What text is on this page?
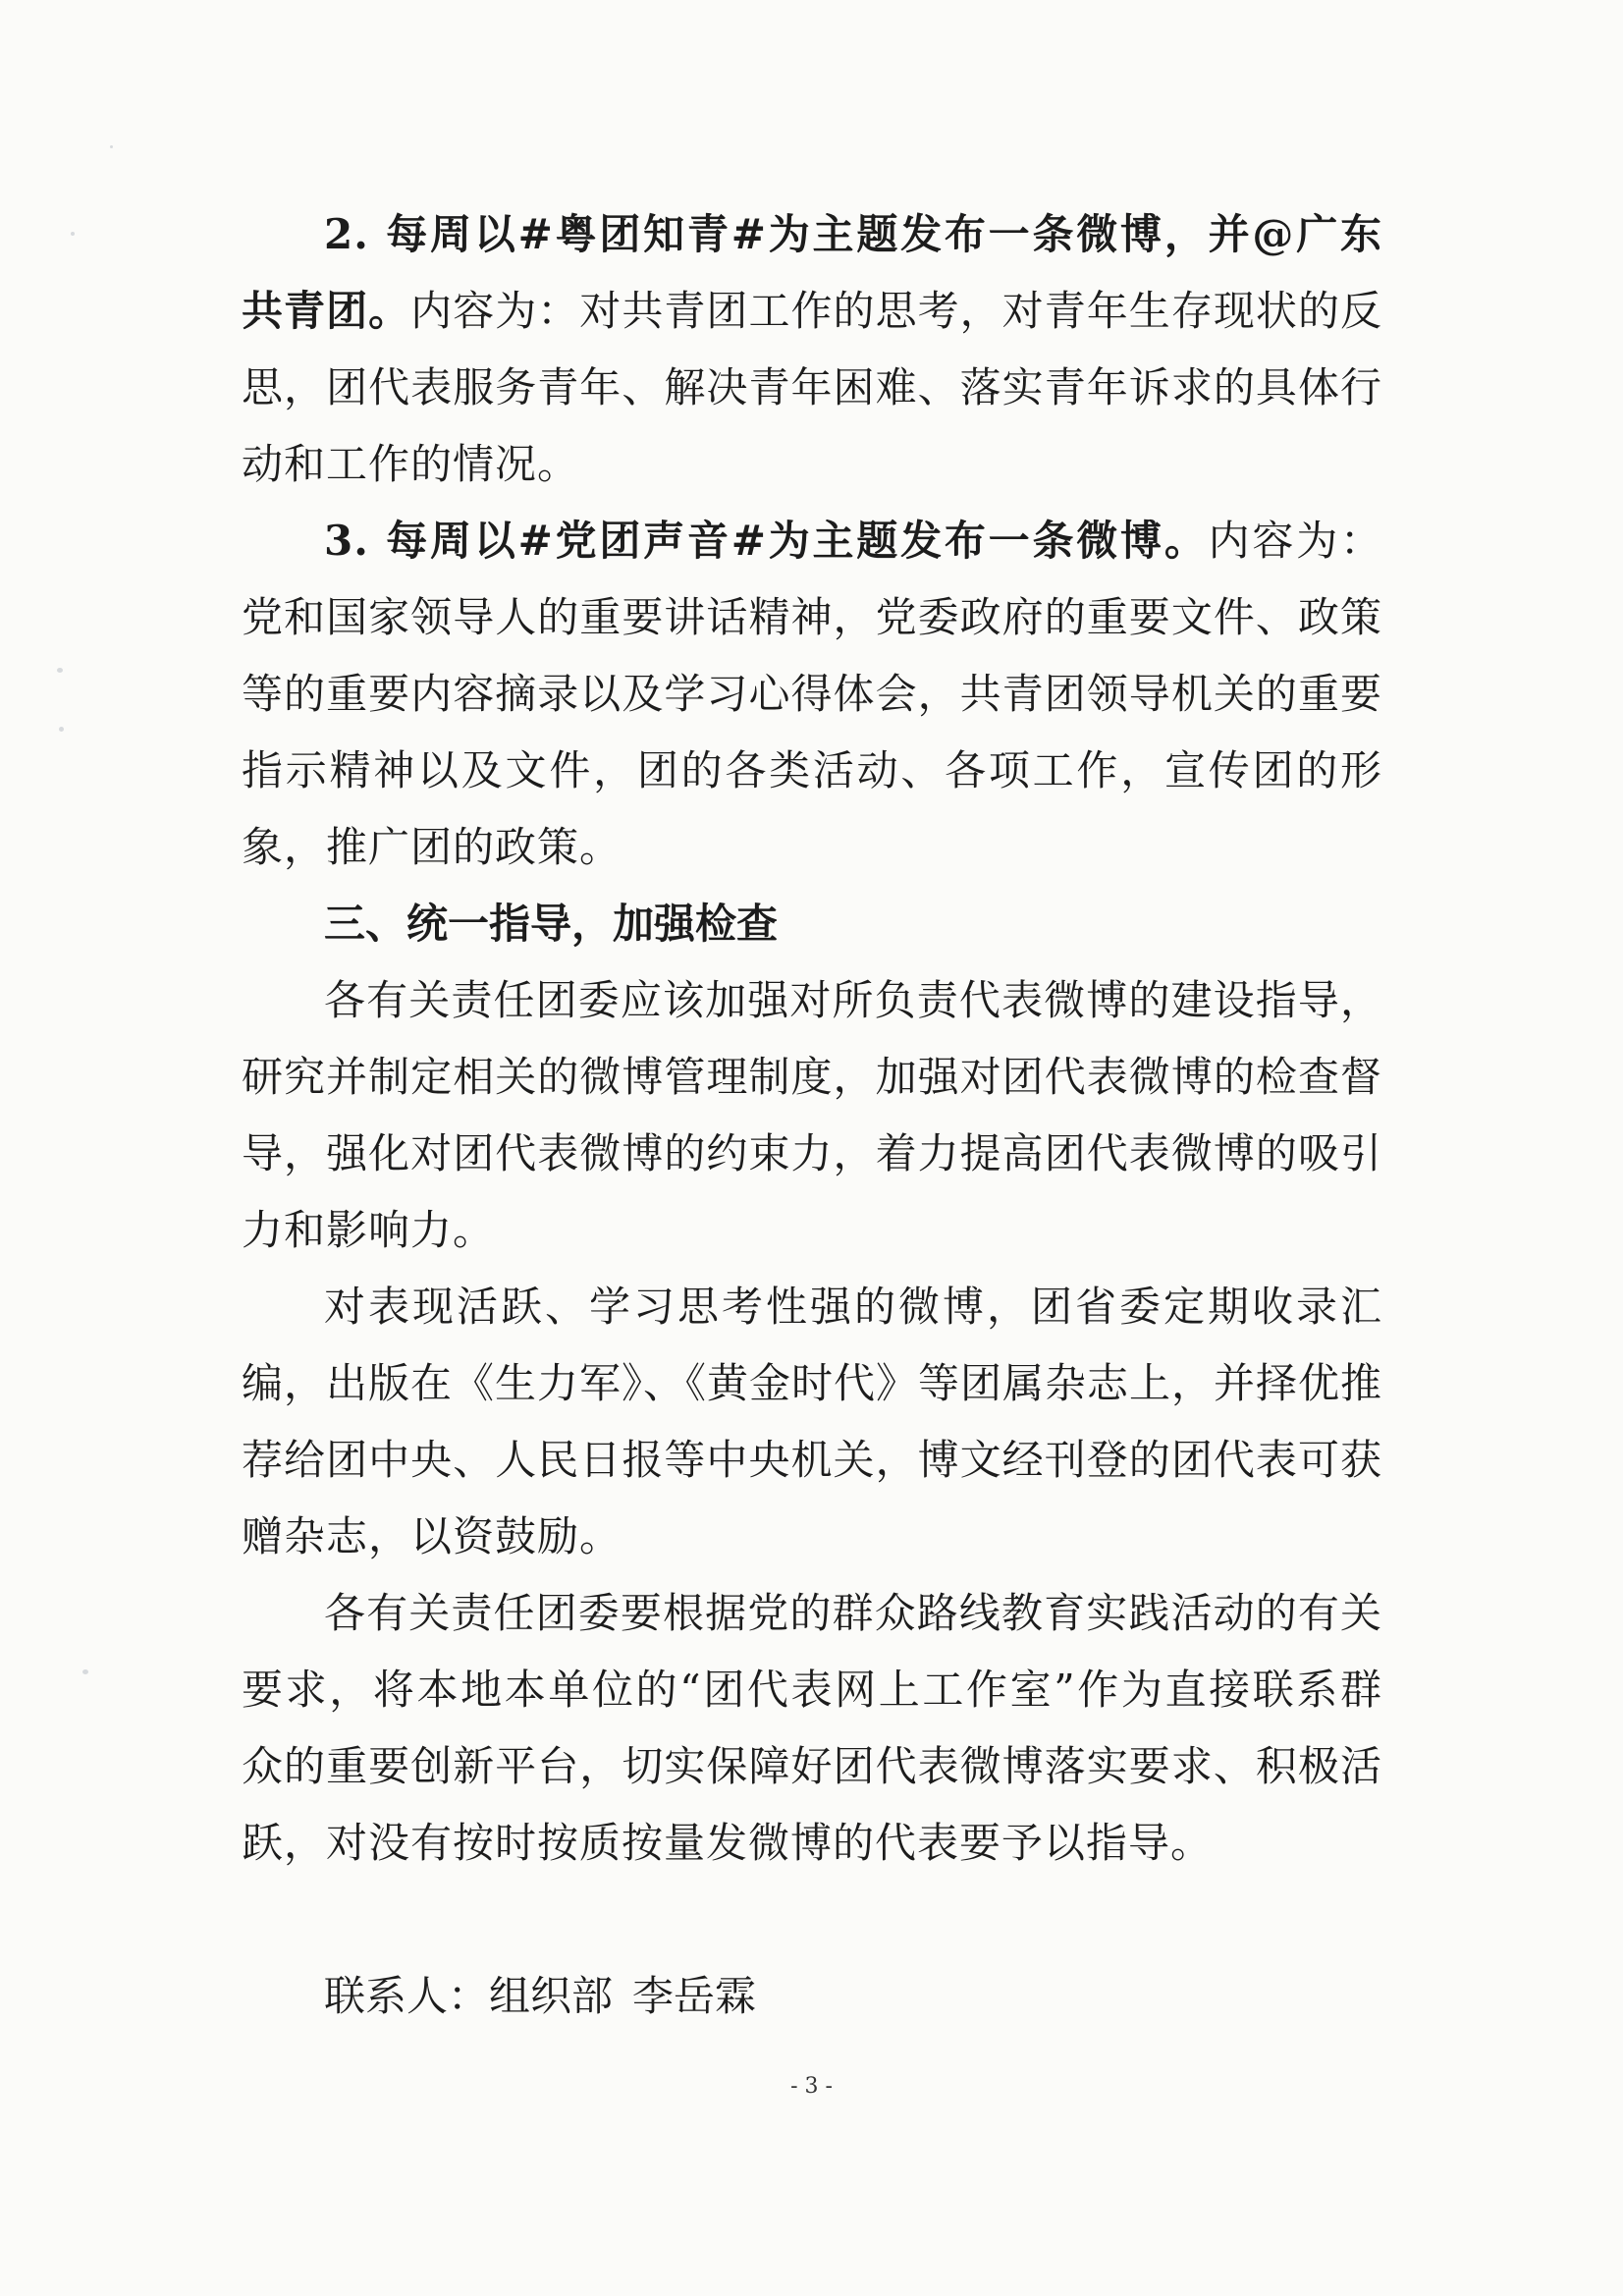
2. 每周以#粤团知青#为主题发布一条微博，并@广东共青团。内容为：对共青团工作的思考，对青年生存现状的反思，团代表服务青年、解决青年困难、落实青年诉求的具体行动和工作的情况。

3. 每周以#党团声音#为主题发布一条微博。内容为：党和国家领导人的重要讲话精神，党委政府的重要文件、政策等的重要内容摘录以及学习心得体会，共青团领导机关的重要指示精神以及文件，团的各类活动、各项工作，宣传团的形象，推广团的政策。

三、统一指导，加强检查

各有关责任团委应该加强对所负责代表微博的建设指导，研究并制定相关的微博管理制度，加强对团代表微博的检查督导，强化对团代表微博的约束力，着力提高团代表微博的吸引力和影响力。

对表现活跃、学习思考性强的微博，团省委定期收录汇编，出版在《生力军》、《黄金时代》等团属杂志上，并择优推荐给团中央、人民日报等中央机关，博文经刊登的团代表可获赠杂志，以资鼓励。

各有关责任团委要根据党的群众路线教育实践活动的有关要求，将本地本单位的“团代表网上工作室”作为直接联系群众的重要创新平台，切实保障好团代表微博落实要求、积极活跃，对没有按时按质按量发微博的代表要予以指导。

联系人：组织部 李岳霖

- 3 -
